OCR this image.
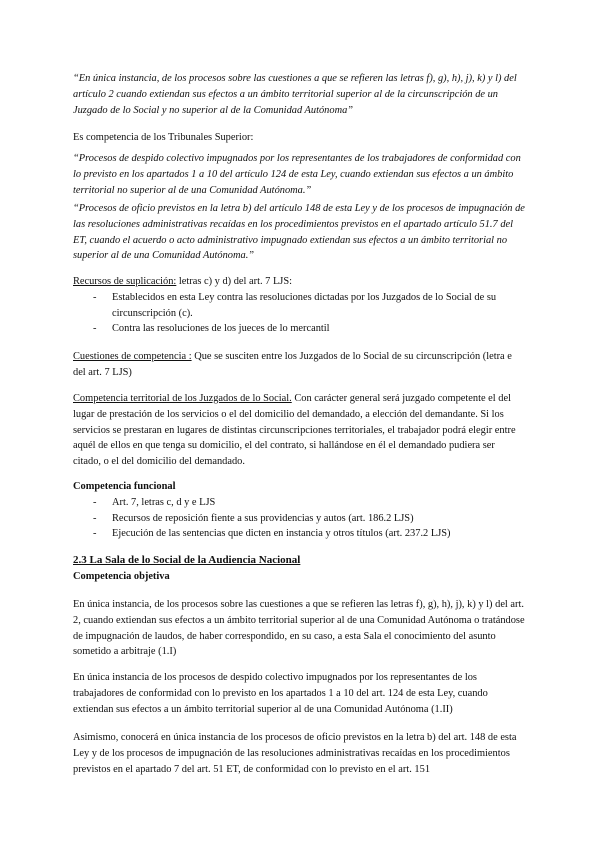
“En única instancia, de los procesos sobre las cuestiones a que se refieren las letras f), g), h), j), k) y l) del artículo 2 cuando extiendan sus efectos a un ámbito territorial superior al de la circunscripción de un Juzgado de lo Social y no superior al de la Comunidad Autónoma”

Es competencia de los Tribunales Superior:

“Procesos de despido colectivo impugnados por los representantes de los trabajadores de conformidad con lo previsto en los apartados 1 a 10 del artículo 124 de esta Ley, cuando extiendan sus efectos a un ámbito territorial no superior al de una Comunidad Autónoma.”

“Procesos de oficio previstos en la letra b) del artículo 148 de esta Ley y de los procesos de impugnación de las resoluciones administrativas recaídas en los procedimientos previstos en el apartado artículo 51.7 del ET, cuando el acuerdo o acto administrativo impugnado extiendan sus efectos a un ámbito territorial no superior al de una Comunidad Autónoma.”

Recursos de suplicación: letras c) y d) del art. 7 LJS:
- Establecidos en esta Ley contra las resoluciones dictadas por los Juzgados de lo Social de su circunscripción (c).
- Contra las resoluciones de los jueces de lo mercantil

Cuestiones de competencia : Que se susciten entre los Juzgados de lo Social de su circunscripción (letra e del art. 7 LJS)

Competencia territorial de los Juzgados de lo Social. Con carácter general será juzgado competente el del lugar de prestación de los servicios o el del domicilio del demandado, a elección del demandante. Si los servicios se prestaran en lugares de distintas circunscripciones territoriales, el trabajador podrá elegir entre aquél de ellos en que tenga su domicilio, el del contrato, si hallándose en él el demandado pudiera ser citado, o el del domicilio del demandado.

Competencia funcional
- Art. 7, letras c, d y e LJS
- Recursos de reposición fiente a sus providencias y autos (art. 186.2 LJS)
- Ejecución de las sentencias que dicten en instancia y otros títulos (art. 237.2 LJS)
2.3 La Sala de lo Social de la Audiencia Nacional
Competencia objetiva

En única instancia, de los procesos sobre las cuestiones a que se refieren las letras f), g), h), j), k) y l) del art. 2, cuando extiendan sus efectos a un ámbito territorial superior al de una Comunidad Autónoma o tratándose de impugnación de laudos, de haber correspondido, en su caso, a esta Sala el conocimiento del asunto sometido a arbitraje (1.I)

En única instancia de los procesos de despido colectivo impugnados por los representantes de los trabajadores de conformidad con lo previsto en los apartados 1 a 10 del art. 124 de esta Ley, cuando extiendan sus efectos a un ámbito territorial superior al de una Comunidad Autónoma (1.II)

Asimismo, conocerá en única instancia de los procesos de oficio previstos en la letra b) del art. 148 de esta Ley y de los procesos de impugnación de las resoluciones administrativas recaídas en los procedimientos previstos en el apartado 7 del art. 51 ET, de conformidad con lo previsto en el art. 151
